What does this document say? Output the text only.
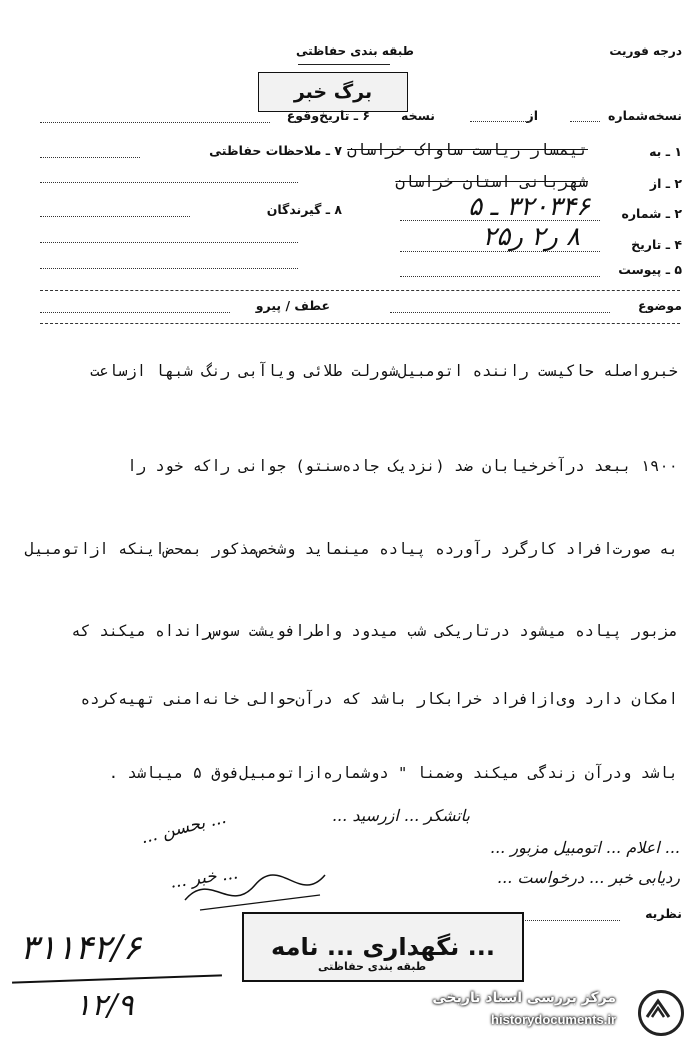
درجه فوریت
طبقه بندی حفاظتی
برگ خبر
نسخه‌شماره
از
نسخه
۱ ـ به
تیمسار ریاست ساواک خراسان
۲ ـ از
شهربانی استان خراسان
۲ ـ شماره
۳۲۰۳۴۶ ـ ۵
۴ ـ تاریخ
۸ ر۲ ر۲۵
۵ ـ پیوست
۶ ـ تاریخ‌وقوع
۷ ـ ملاحظات حفاظتی
۸ ـ گیرندگان
موضوع
عطف / پیرو
خبرواصله حاکیست راننده اتومبیل‌شورلت طلائی ویاآبی رنگ شبها ازساعت
۱۹۰۰ ببعد درآخرخیابان ضد (نزدیک جاده‌سنتو) جوانی راکه خود را
به صورت‌افراد کارگرد رآورده پیاده مینماید وشخص‌مذکور بمحض‌اینکه ازاتومبیل
مزبور پیاده میشود درتاریکی شب میدود واطرافویشت سوس‌رانداه میکند که
امکان دارد وی‌ازافراد خرابکار باشد که درآن‌حوالی خانه‌امنی تهیه‌کرده
باشد ودرآن زندگی میکند وضمنا " دوشماره‌ازاتومبیل‌فوق ۵ میباشد .
باتشکر ... ازرسید ...
... اعلام ... اتومبیل مزبور ...
ردیابی خبر ... درخواست ...
... بحسن ...
... خبر ...
نظریه
۳۱۱۴۲/۶
۱۲/۹
... نگهداری ... نامه
طبقه بندی حفاظتی
مرکز بررسی اسناد تاریخی
historydocuments.ir
